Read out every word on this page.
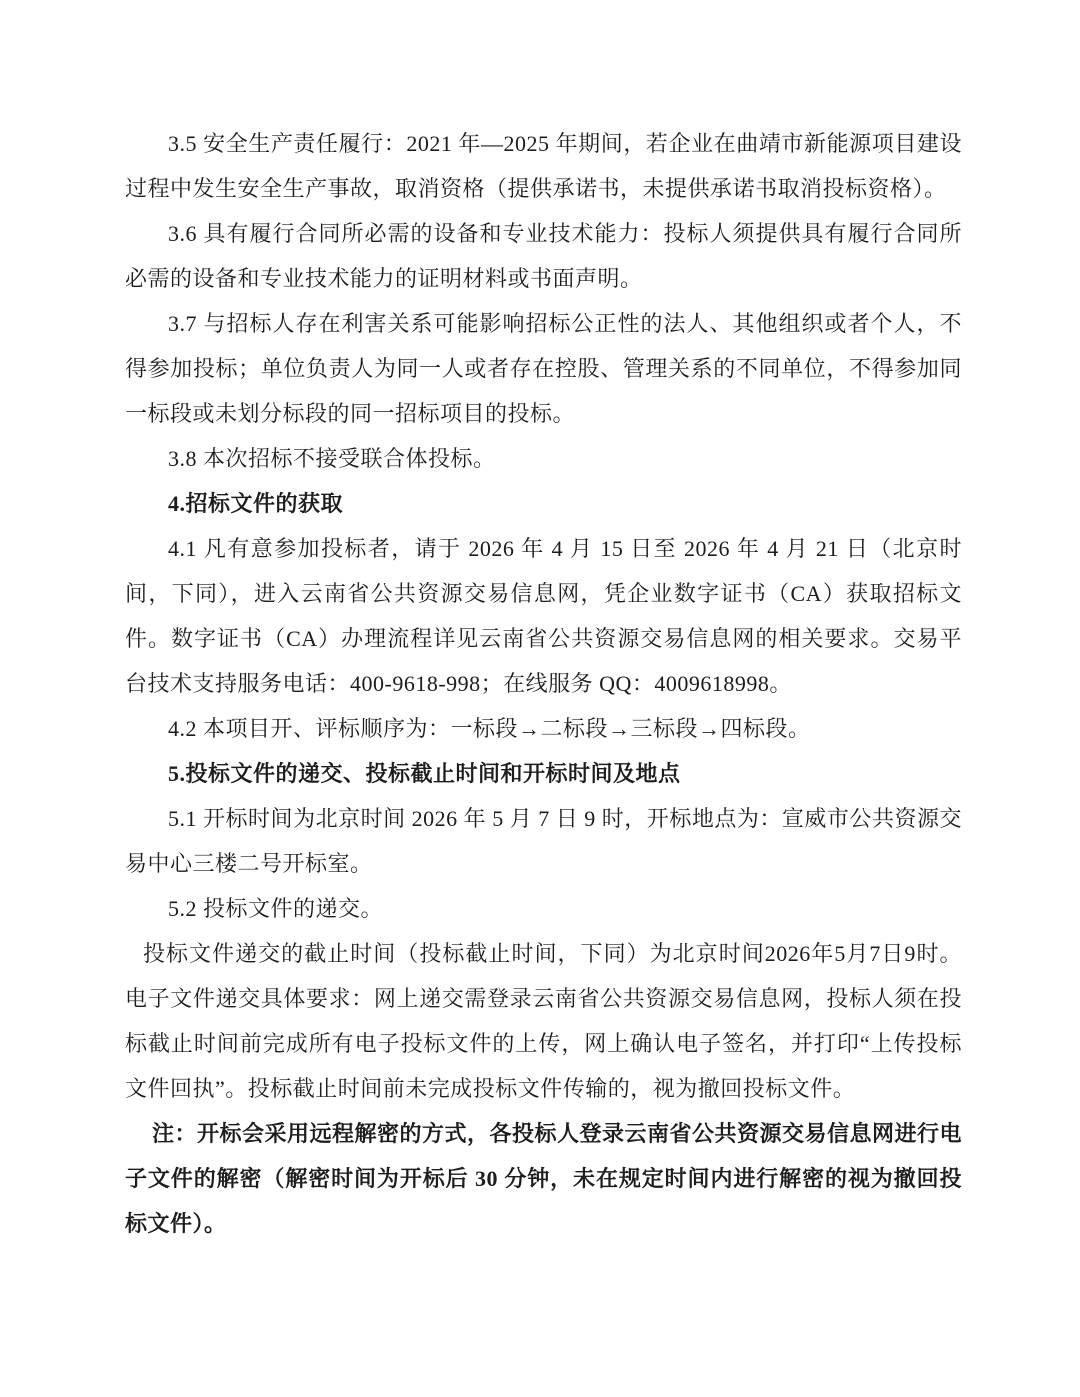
3.5 安全生产责任履行：2021 年—2025 年期间，若企业在曲靖市新能源项目建设过程中发生安全生产事故，取消资格（提供承诺书，未提供承诺书取消投标资格）。

3.6 具有履行合同所必需的设备和专业技术能力：投标人须提供具有履行合同所必需的设备和专业技术能力的证明材料或书面声明。

3.7 与招标人存在利害关系可能影响招标公正性的法人、其他组织或者个人，不得参加投标；单位负责人为同一人或者存在控股、管理关系的不同单位，不得参加同一标段或未划分标段的同一招标项目的投标。

3.8 本次招标不接受联合体投标。

4.招标文件的获取

4.1 凡有意参加投标者，请于 2026 年 4 月 15 日至 2026 年 4 月 21 日（北京时间，下同），进入云南省公共资源交易信息网，凭企业数字证书（CA）获取招标文件。数字证书（CA）办理流程详见云南省公共资源交易信息网的相关要求。交易平台技术支持服务电话：400-9618-998；在线服务 QQ：4009618998。

4.2 本项目开、评标顺序为：一标段→二标段→三标段→四标段。

5.投标文件的递交、投标截止时间和开标时间及地点

5.1 开标时间为北京时间 2026 年 5 月 7 日 9 时，开标地点为：宣威市公共资源交易中心三楼二号开标室。

5.2 投标文件的递交。

投标文件递交的截止时间（投标截止时间，下同）为北京时间2026年5月7日9时。电子文件递交具体要求：网上递交需登录云南省公共资源交易信息网，投标人须在投标截止时间前完成所有电子投标文件的上传，网上确认电子签名，并打印“上传投标文件回执”。投标截止时间前未完成投标文件传输的，视为撤回投标文件。

注：开标会采用远程解密的方式，各投标人登录云南省公共资源交易信息网进行电子文件的解密（解密时间为开标后 30 分钟，未在规定时间内进行解密的视为撤回投标文件）。
